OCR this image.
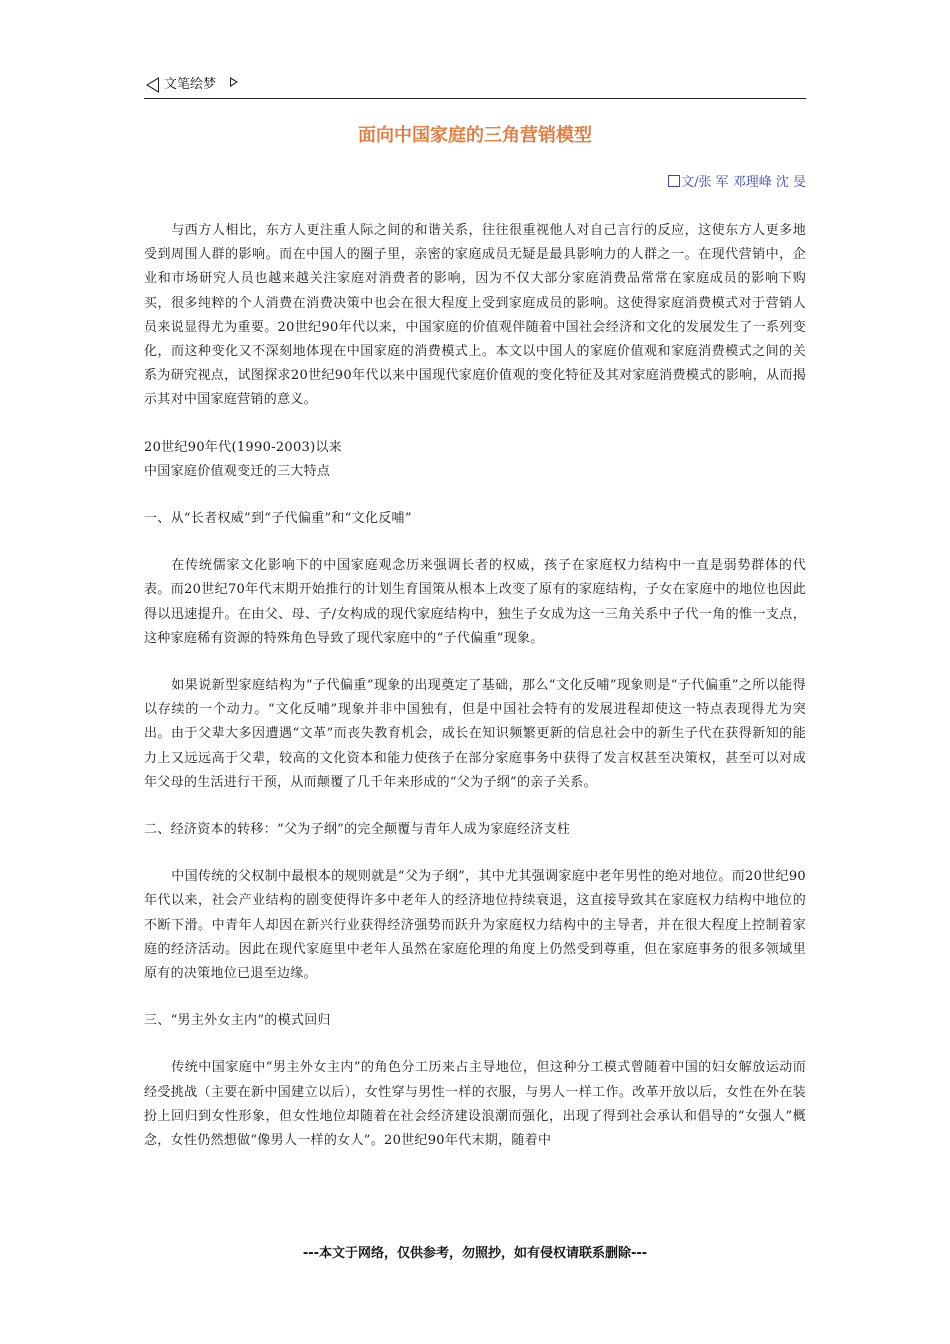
文笔绘梦
面向中国家庭的三角营销模型
文/张 军 邓理峰 沈 旻

与西方人相比，东方人更注重人际之间的和谐关系，往往很重视他人对自己言行的反应，这使东方人更多地受到周围人群的影响。而在中国人的圈子里，亲密的家庭成员无疑是最具影响力的人群之一。在现代营销中，企业和市场研究人员也越来越关注家庭对消费者的影响，因为不仅大部分家庭消费品常常在家庭成员的影响下购买，很多纯粹的个人消费在消费决策中也会在很大程度上受到家庭成员的影响。这使得家庭消费模式对于营销人员来说显得尤为重要。20世纪90年代以来，中国家庭的价值观伴随着中国社会经济和文化的发展发生了一系列变化，而这种变化又不深刻地体现在中国家庭的消费模式上。本文以中国人的家庭价值观和家庭消费模式之间的关系为研究视点，试图探求20世纪90年代以来中国现代家庭价值观的变化特征及其对家庭消费模式的影响，从而揭示其对中国家庭营销的意义。

20世纪90年代(1990-2003)以来

中国家庭价值观变迁的三大特点

一、从“长者权威”到“子代偏重”和“文化反哺”

在传统儒家文化影响下的中国家庭观念历来强调长者的权威，孩子在家庭权力结构中一直是弱势群体的代表。而20世纪70年代末期开始推行的计划生育国策从根本上改变了原有的家庭结构，子女在家庭中的地位也因此得以迅速提升。在由父、母、子/女构成的现代家庭结构中，独生子女成为这一三角关系中子代一角的惟一支点，这种家庭稀有资源的特殊角色导致了现代家庭中的“子代偏重”现象。

如果说新型家庭结构为“子代偏重”现象的出现奠定了基础，那么“文化反哺”现象则是“子代偏重”之所以能得以存续的一个动力。“文化反哺”现象并非中国独有，但是中国社会特有的发展进程却使这一特点表现得尤为突出。由于父辈大多因遭遇“文革”而丧失教育机会，成长在知识频繁更新的信息社会中的新生子代在获得新知的能力上又远远高于父辈，较高的文化资本和能力使孩子在部分家庭事务中获得了发言权甚至决策权，甚至可以对成年父母的生活进行干预，从而颠覆了几千年来形成的“父为子纲”的亲子关系。

二、经济资本的转移：“父为子纲”的完全颠覆与青年人成为家庭经济支柱

中国传统的父权制中最根本的规则就是“父为子纲”，其中尤其强调家庭中老年男性的绝对地位。而20世纪90年代以来，社会产业结构的剧变使得许多中老年人的经济地位持续衰退，这直接导致其在家庭权力结构中地位的不断下滑。中青年人却因在新兴行业获得经济强势而跃升为家庭权力结构中的主导者，并在很大程度上控制着家庭的经济活动。因此在现代家庭里中老年人虽然在家庭伦理的角度上仍然受到尊重，但在家庭事务的很多领域里原有的决策地位已退至边缘。

三、“男主外女主内”的模式回归

传统中国家庭中“男主外女主内”的角色分工历来占主导地位，但这种分工模式曾随着中国的妇女解放运动而经受挑战（主要在新中国建立以后），女性穿与男性一样的衣服，与男人一样工作。改革开放以后，女性在外在装扮上回归到女性形象，但女性地位却随着在社会经济建设浪潮而强化，出现了得到社会承认和倡导的“女强人”概念，女性仍然想做“像男人一样的女人”。20世纪90年代末期，随着中

---本文于网络，仅供参考，勿照抄，如有侵权请联系删除---
